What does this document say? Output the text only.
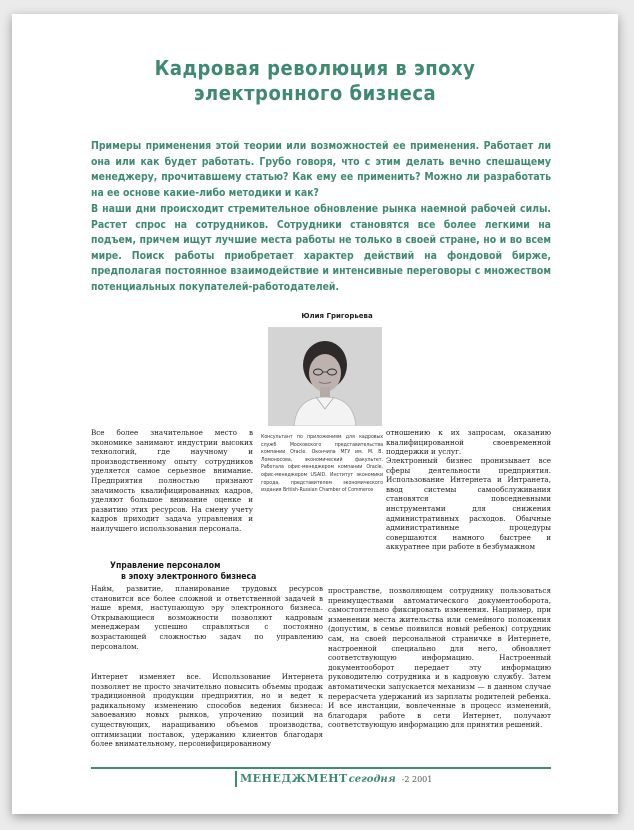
Кадровая революция в эпоху
электронного бизнеса

Примеры применения этой теории или возможностей ее применения. Работает ли она или как будет работать. Грубо говоря, что с этим делать вечно спешащему менеджеру, прочитавшему статью? Как ему ее применить? Можно ли разработать на ее основе какие-либо методики и как?

В наши дни происходит стремительное обновление рынка наемной рабочей силы. Растет спрос на сотрудников. Сотрудники становятся все более легкими на подъем, причем ищут лучшие места работы не только в своей стране, но и во всем мире. Поиск работы приобретает характер действий на фондовой бирже, предполагая постоянное взаимодействие и интенсивные переговоры с множеством потенциальных покупателей-работодателей.

Юлия Григорьева

Консультант по приложениям для кадровых служб Московского представительства компании Oracle. Окончила МГУ им. М. В. Ломоносова, экономический факультет. Работала офис-менеджером компании Oracle, офис-менеджером USAID. Институт экономики города, представителем экономического издания British-Russian Chamber of Commerce

Все более значительное место в экономике занимают индустрии высоких технологий, где научному и производственному опыту сотрудников уделяется самое серьезное внимание. Предприятия полностью признают значимость квалифицированных кадров, уделяют большое внимание оценке и развитию этих ресурсов. На смену учету кадров приходит задача управления и наилучшего использования персонала.

Управление персоналом
в эпоху электронного бизнеса

Найм, развитие, планирование трудовых ресурсов становится все более сложной и ответственной задачей в наше время, наступающую эру электронного бизнеса. Открывающиеся возможности позволяют кадровым менеджерам успешно справляться с постоянно возрастающей сложностью задач по управлению персоналом.

Интернет изменяет все. Использование Интернета позволяет не просто значительно повысить объемы продаж традиционной продукции предприятия, но и ведет к радикальному изменению способов ведения бизнеса: завоеванию новых рынков, упрочению позиций на существующих, наращиванию объемов производства, оптимизации поставок, удержанию клиентов благодаря более внимательному, персонифицированному

отношению к их запросам, оказанию квалифицированной своевременной поддержки и услуг.

Электронный бизнес пронизывает все сферы деятельности предприятия. Использование Интернета и Интранета, ввод системы самообслуживания становятся повседневными инструментами для снижения административных расходов. Обычные административные процедуры совершаются намного быстрее и аккуратнее при работе в безбумажном

пространстве, позволяющем сотруднику пользоваться преимуществами автоматического документооборота, самостоятельно фиксировать изменения. Например, при изменении места жительства или семейного положения (допустим, в семье появился новый ребенок) сотрудник сам, на своей персональной страничке в Интернете, настроенной специально для него, обновляет соответствующую информацию. Настроенный документооборот передает эту информацию руководителю сотрудника и в кадровую службу. Затем автоматически запускается механизм — в данном случае перерасчета удержаний из зарплаты родителей ребенка. И все инстанции, вовлеченные в процесс изменений, благодаря работе в сети Интернет, получают соответствующую информацию для принятия решений.

МЕНЕДЖМЕНТсегодня -2 2001
